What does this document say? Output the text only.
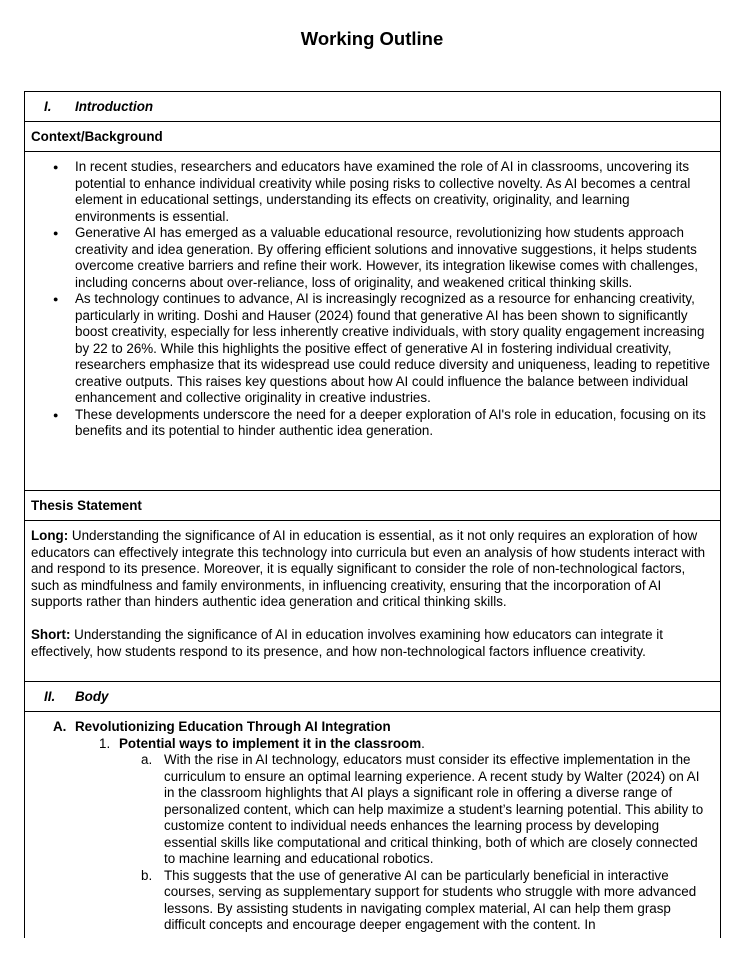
Working Outline
I. Introduction
Context/Background
● In recent studies, researchers and educators have examined the role of AI in classrooms, uncovering its potential to enhance individual creativity while posing risks to collective novelty. As AI becomes a central element in educational settings, understanding its effects on creativity, originality, and learning environments is essential.
● Generative AI has emerged as a valuable educational resource, revolutionizing how students approach creativity and idea generation. By offering efficient solutions and innovative suggestions, it helps students overcome creative barriers and refine their work. However, its integration likewise comes with challenges, including concerns about over-reliance, loss of originality, and weakened critical thinking skills.
● As technology continues to advance, AI is increasingly recognized as a resource for enhancing creativity, particularly in writing. Doshi and Hauser (2024) found that generative AI has been shown to significantly boost creativity, especially for less inherently creative individuals, with story quality engagement increasing by 22 to 26%. While this highlights the positive effect of generative AI in fostering individual creativity, researchers emphasize that its widespread use could reduce diversity and uniqueness, leading to repetitive creative outputs. This raises key questions about how AI could influence the balance between individual enhancement and collective originality in creative industries.
● These developments underscore the need for a deeper exploration of AI's role in education, focusing on its benefits and its potential to hinder authentic idea generation.
Thesis Statement

Long: Understanding the significance of AI in education is essential, as it not only requires an exploration of how educators can effectively integrate this technology into curricula but even an analysis of how students interact with and respond to its presence. Moreover, it is equally significant to consider the role of non-technological factors, such as mindfulness and family environments, in influencing creativity, ensuring that the incorporation of AI supports rather than hinders authentic idea generation and critical thinking skills.

Short: Understanding the significance of AI in education involves examining how educators can integrate it effectively, how students respond to its presence, and how non-technological factors influence creativity.

II. Body
A. Revolutionizing Education Through AI Integration
1. Potential ways to implement it in the classroom.
a. With the rise in AI technology, educators must consider its effective implementation in the curriculum to ensure an optimal learning experience. A recent study by Walter (2024) on AI in the classroom highlights that AI plays a significant role in offering a diverse range of personalized content, which can help maximize a student’s learning potential. This ability to customize content to individual needs enhances the learning process by developing essential skills like computational and critical thinking, both of which are closely connected to machine learning and educational robotics.
b. This suggests that the use of generative AI can be particularly beneficial in interactive courses, serving as supplementary support for students who struggle with more advanced lessons. By assisting students in navigating complex material, AI can help them grasp difficult concepts and encourage deeper engagement with the content. In
